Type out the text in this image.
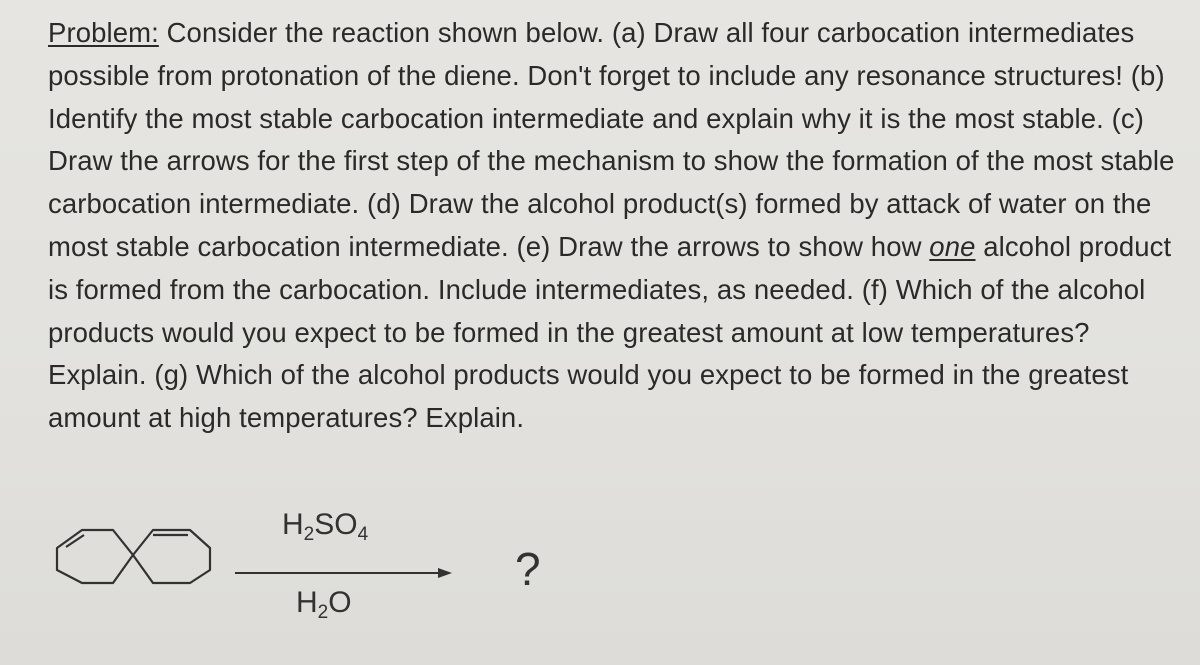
Problem: Consider the reaction shown below. (a) Draw all four carbocation intermediates possible from protonation of the diene. Don't forget to include any resonance structures! (b) Identify the most stable carbocation intermediate and explain why it is the most stable. (c) Draw the arrows for the first step of the mechanism to show the formation of the most stable carbocation intermediate. (d) Draw the alcohol product(s) formed by attack of water on the most stable carbocation intermediate. (e) Draw the arrows to show how one alcohol product is formed from the carbocation. Include intermediates, as needed. (f) Which of the alcohol products would you expect to be formed in the greatest amount at low temperatures? Explain. (g) Which of the alcohol products would you expect to be formed in the greatest amount at high temperatures? Explain.

$H_2SO_4$
$H_2O$
?
